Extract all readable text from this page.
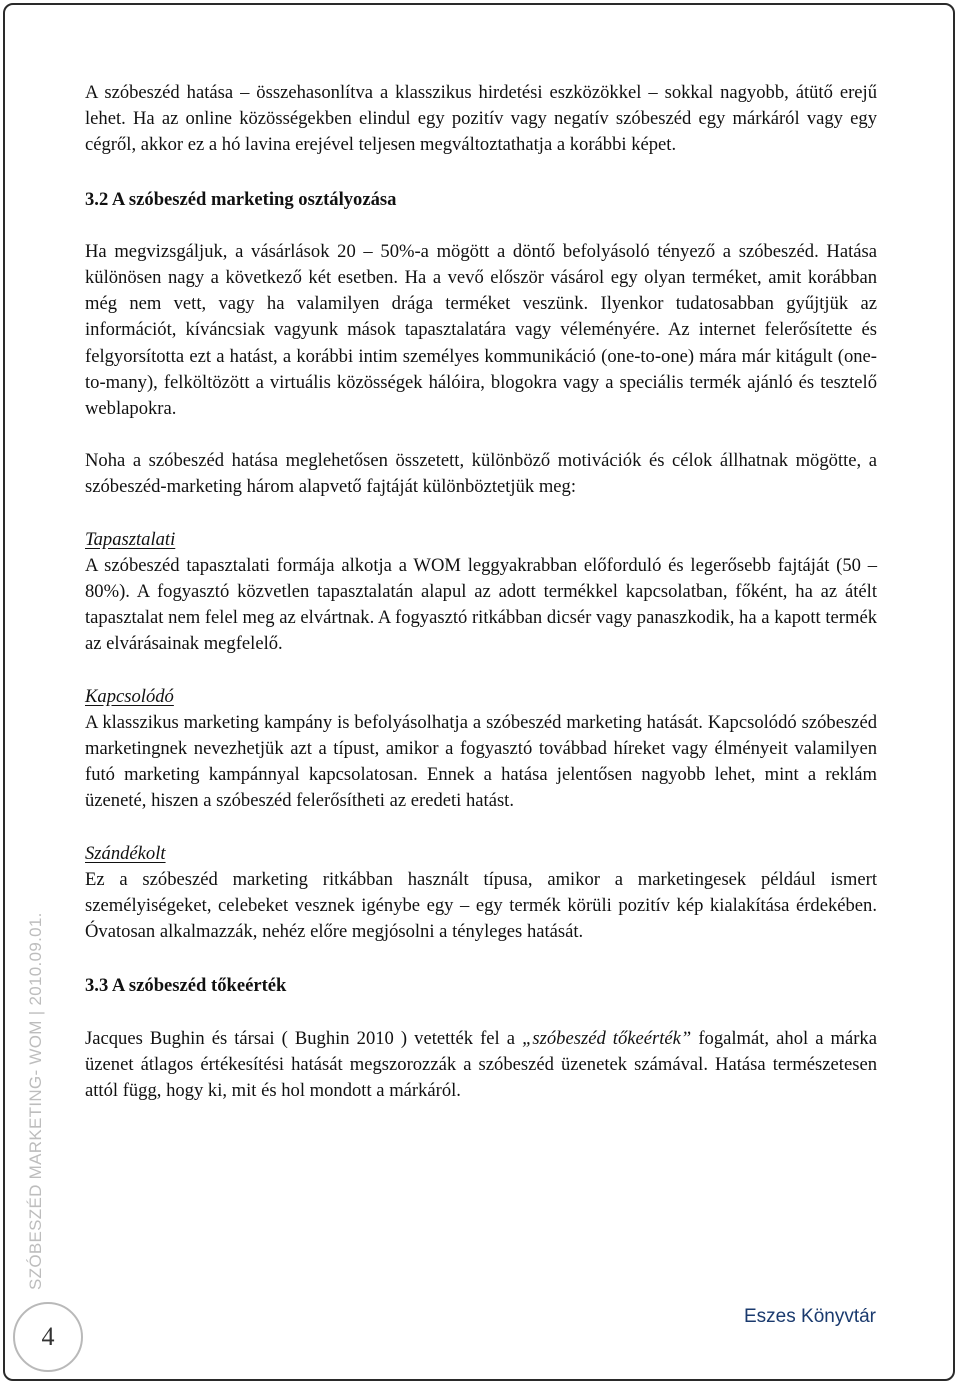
A szóbeszéd hatása – összehasonlítva a klasszikus hirdetési eszközökkel – sokkal nagyobb, átütő erejű lehet. Ha az online közösségekben elindul egy pozitív vagy negatív szóbeszéd egy márkáról vagy egy cégről, akkor ez a hó lavina erejével teljesen megváltoztathatja a korábbi képet.

3.2 A szóbeszéd marketing osztályozása

Ha megvizsgáljuk, a vásárlások 20 – 50%-a mögött a döntő befolyásoló tényező a szóbeszéd. Hatása különösen nagy a következő két esetben. Ha a vevő először vásárol egy olyan terméket, amit korábban még nem vett, vagy ha valamilyen drága terméket veszünk. Ilyenkor tudatosabban gyűjtjük az információt, kíváncsiak vagyunk mások tapasztalatára vagy véleményére. Az internet felerősítette és felgyorsította ezt a hatást, a korábbi intim személyes kommunikáció (one-to-one) mára már kitágult (one-to-many), felköltözött a virtuális közösségek hálóira, blogokra vagy a speciális termék ajánló és tesztelő weblapokra.

Noha a szóbeszéd hatása meglehetősen összetett, különböző motivációk és célok állhatnak mögötte, a szóbeszéd-marketing három alapvető fajtáját különböztetjük meg:

Tapasztalati

A szóbeszéd tapasztalati formája alkotja a WOM leggyakrabban előforduló és legerősebb fajtáját (50 – 80%). A fogyasztó közvetlen tapasztalatán alapul az adott termékkel kapcsolatban, főként, ha az átélt tapasztalat nem felel meg az elvártnak. A fogyasztó ritkábban dicsér vagy panaszkodik, ha a kapott termék az elvárásainak megfelelő.

Kapcsolódó

A klasszikus marketing kampány is befolyásolhatja a szóbeszéd marketing hatását. Kapcsolódó szóbeszéd marketingnek nevezhetjük azt a típust, amikor a fogyasztó továbbad híreket vagy élményeit valamilyen futó marketing kampánnyal kapcsolatosan. Ennek a hatása jelentősen nagyobb lehet, mint a reklám üzeneté, hiszen a szóbeszéd felerősítheti az eredeti hatást.

Szándékolt

Ez a szóbeszéd marketing ritkábban használt típusa, amikor a marketingesek például ismert személyiségeket, celebeket vesznek igénybe egy – egy termék körüli pozitív kép kialakítása érdekében. Óvatosan alkalmazzák, nehéz előre megjósolni a tényleges hatását.

3.3 A szóbeszéd tőkeérték

Jacques Bughin és társai ( Bughin 2010 ) vetették fel a „szóbeszéd tőkeérték” fogalmát, ahol a márka üzenet átlagos értékesítési hatását megszorozzák a szóbeszéd üzenetek számával. Hatása természetesen attól függ, hogy ki, mit és hol mondott a márkáról.

SZÓBESZÉD MARKETING- WOM | 2010.09.01.
4
Eszes Könyvtár
